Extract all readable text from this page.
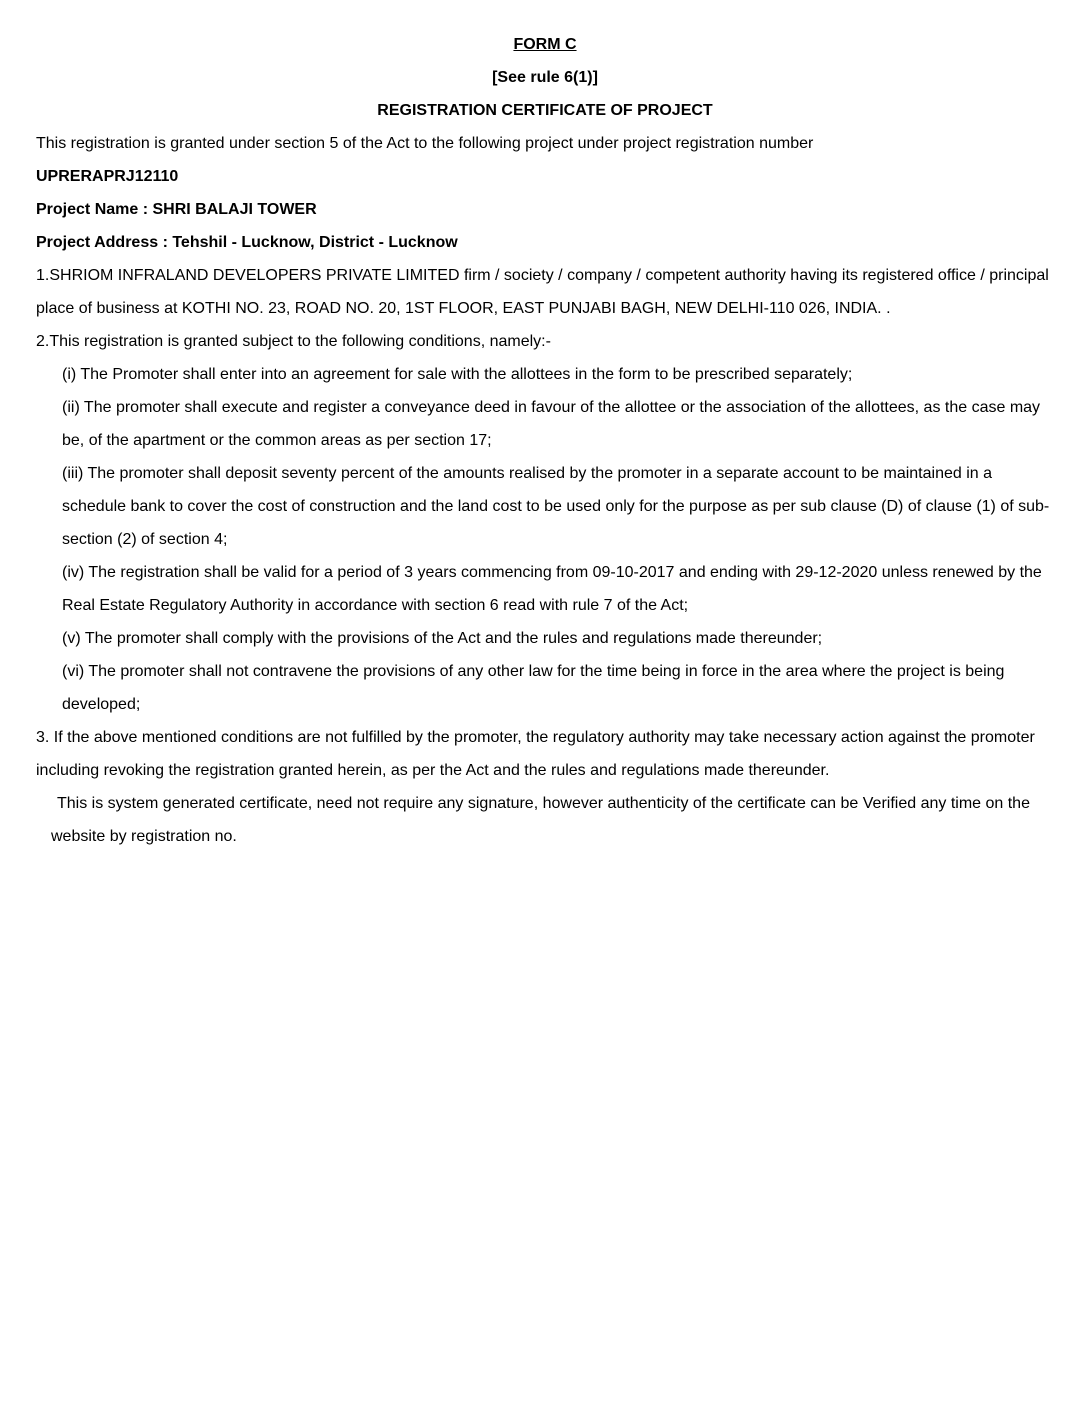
FORM C
[See rule 6(1)]
REGISTRATION CERTIFICATE OF PROJECT

This registration is granted under section 5 of the Act to the following project under project registration number

UPRERAPRJ12110

Project Name : SHRI BALAJI TOWER

Project Address : Tehshil - Lucknow, District - Lucknow

1.SHRIOM INFRALAND DEVELOPERS PRIVATE LIMITED firm / society / company / competent authority having its registered office / principal place of business at KOTHI NO. 23, ROAD NO. 20, 1ST FLOOR, EAST PUNJABI BAGH, NEW DELHI-110 026, INDIA. .

2.This registration is granted subject to the following conditions, namely:-

(i) The Promoter shall enter into an agreement for sale with the allottees in the form to be prescribed separately;

(ii) The promoter shall execute and register a conveyance deed in favour of the allottee or the association of the allottees, as the case may be, of the apartment or the common areas as per section 17;

(iii) The promoter shall deposit seventy percent of the amounts realised by the promoter in a separate account to be maintained in a schedule bank to cover the cost of construction and the land cost to be used only for the purpose as per sub clause (D) of clause (1) of sub-section (2) of section 4;

(iv) The registration shall be valid for a period of 3 years commencing from 09-10-2017 and ending with 29-12-2020 unless renewed by the Real Estate Regulatory Authority in accordance with section 6 read with rule 7 of the Act;

(v) The promoter shall comply with the provisions of the Act and the rules and regulations made thereunder;

(vi) The promoter shall not contravene the provisions of any other law for the time being in force in the area where the project is being developed;

3. If the above mentioned conditions are not fulfilled by the promoter, the regulatory authority may take necessary action against the promoter including revoking the registration granted herein, as per the Act and the rules and regulations made thereunder.

This is system generated certificate, need not require any signature, however authenticity of the certificate can be Verified any time on the website by registration no.
